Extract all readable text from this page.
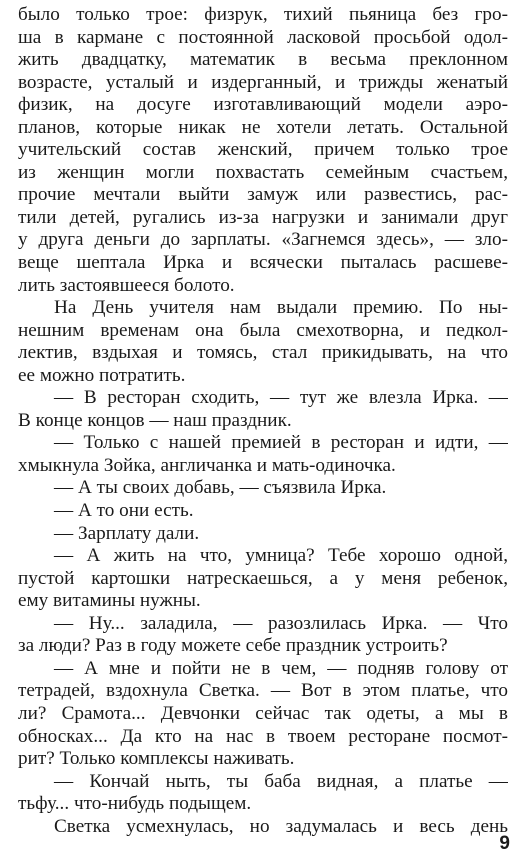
было только трое: физрук, тихий пьяница без гро-
ша в кармане с постоянной ласковой просьбой одол-
жить двадцатку, математик в весьма преклонном
возрасте, усталый и издерганный, и трижды женатый
физик, на досуге изготавливающий модели аэро-
планов, которые никак не хотели летать. Остальной
учительский состав женский, причем только трое
из женщин могли похвастать семейным счастьем,
прочие мечтали выйти замуж или развестись, рас-
тили детей, ругались из-за нагрузки и занимали друг
у друга деньги до зарплаты. «Загнемся здесь», — зло-
веще шептала Ирка и всячески пыталась расшеве-
лить застоявшееся болото.
На День учителя нам выдали премию. По ны-
нешним временам она была смехотворна, и педкол-
лектив, вздыхая и томясь, стал прикидывать, на что
ее можно потратить.
— В ресторан сходить, — тут же влезла Ирка. —
В конце концов — наш праздник.
— Только с нашей премией в ресторан и идти, —
хмыкнула Зойка, англичанка и мать-одиночка.
— А ты своих добавь, — съязвила Ирка.
— А то они есть.
— Зарплату дали.
— А жить на что, умница? Тебе хорошо одной,
пустой картошки натрескаешься, а у меня ребенок,
ему витамины нужны.
— Ну... заладила, — разозлилась Ирка. — Что
за люди? Раз в году можете себе праздник устроить?
— А мне и пойти не в чем, — подняв голову от
тетрадей, вздохнула Светка. — Вот в этом платье, что
ли? Срамота... Девчонки сейчас так одеты, а мы в
обносках... Да кто на нас в твоем ресторане посмот-
рит? Только комплексы наживать.
— Кончай ныть, ты баба видная, а платье —
тьфу... что-нибудь подыщем.
Светка усмехнулась, но задумалась и весь день
9
